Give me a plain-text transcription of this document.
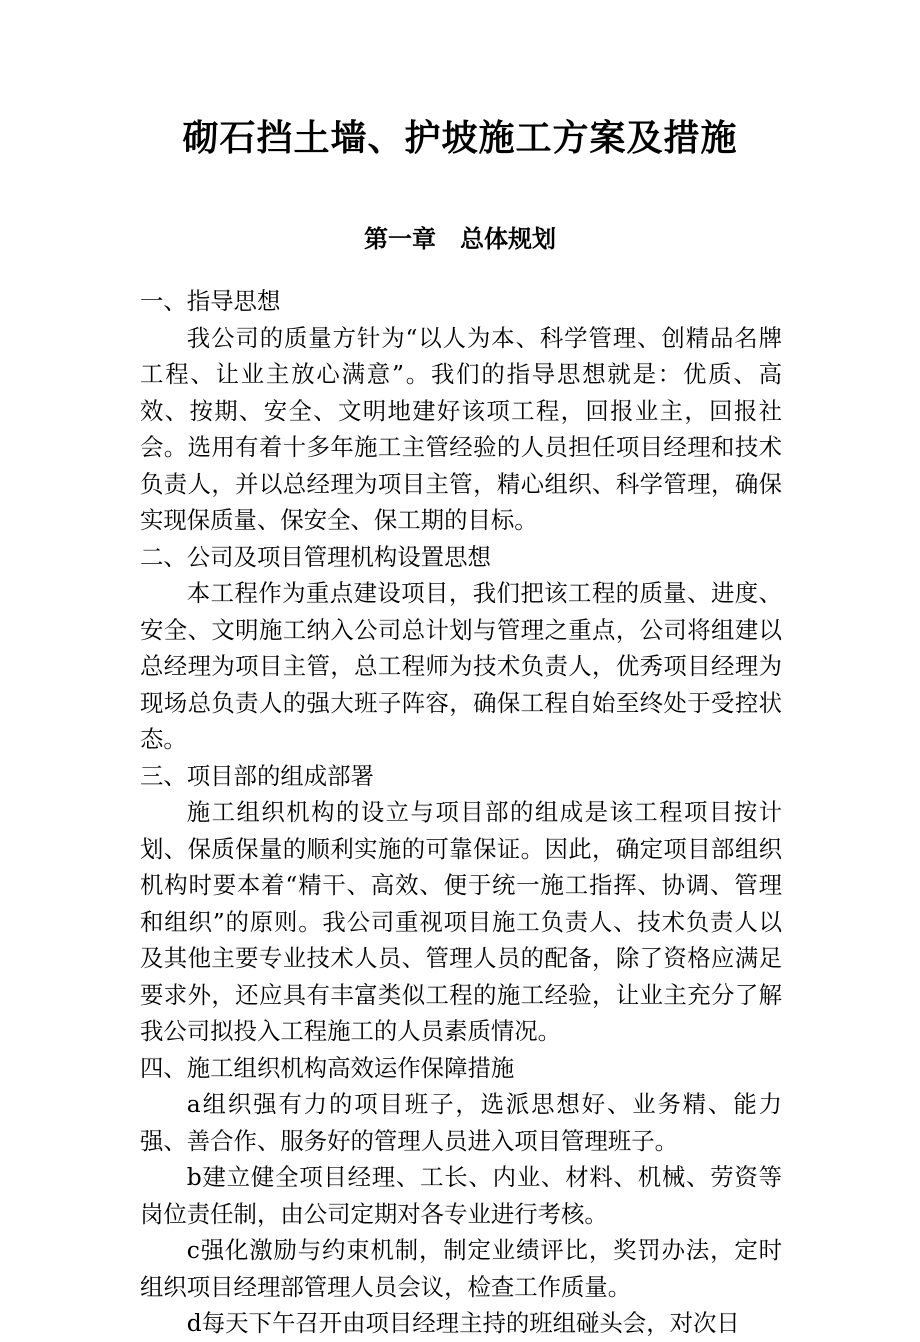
砌石挡土墙、护坡施工方案及措施
第一章　总体规划

一、指导思想

我公司的质量方针为“以人为本、科学管理、创精品名牌工程、让业主放心满意”。我们的指导思想就是：优质、高效、按期、安全、文明地建好该项工程，回报业主，回报社会。选用有着十多年施工主管经验的人员担任项目经理和技术负责人，并以总经理为项目主管，精心组织、科学管理，确保实现保质量、保安全、保工期的目标。

二、公司及项目管理机构设置思想

本工程作为重点建设项目，我们把该工程的质量、进度、安全、文明施工纳入公司总计划与管理之重点，公司将组建以总经理为项目主管，总工程师为技术负责人，优秀项目经理为现场总负责人的强大班子阵容，确保工程自始至终处于受控状态。

三、项目部的组成部署

施工组织机构的设立与项目部的组成是该工程项目按计划、保质保量的顺利实施的可靠保证。因此，确定项目部组织机构时要本着“精干、高效、便于统一施工指挥、协调、管理和组织”的原则。我公司重视项目施工负责人、技术负责人以及其他主要专业技术人员、管理人员的配备，除了资格应满足要求外，还应具有丰富类似工程的施工经验，让业主充分了解我公司拟投入工程施工的人员素质情况。

四、施工组织机构高效运作保障措施

a组织强有力的项目班子，选派思想好、业务精、能力强、善合作、服务好的管理人员进入项目管理班子。

b建立健全项目经理、工长、内业、材料、机械、劳资等岗位责任制，由公司定期对各专业进行考核。

c强化激励与约束机制，制定业绩评比，奖罚办法，定时组织项目经理部管理人员会议，检查工作质量。

d每天下午召开由项目经理主持的班组碰头会，对次日
